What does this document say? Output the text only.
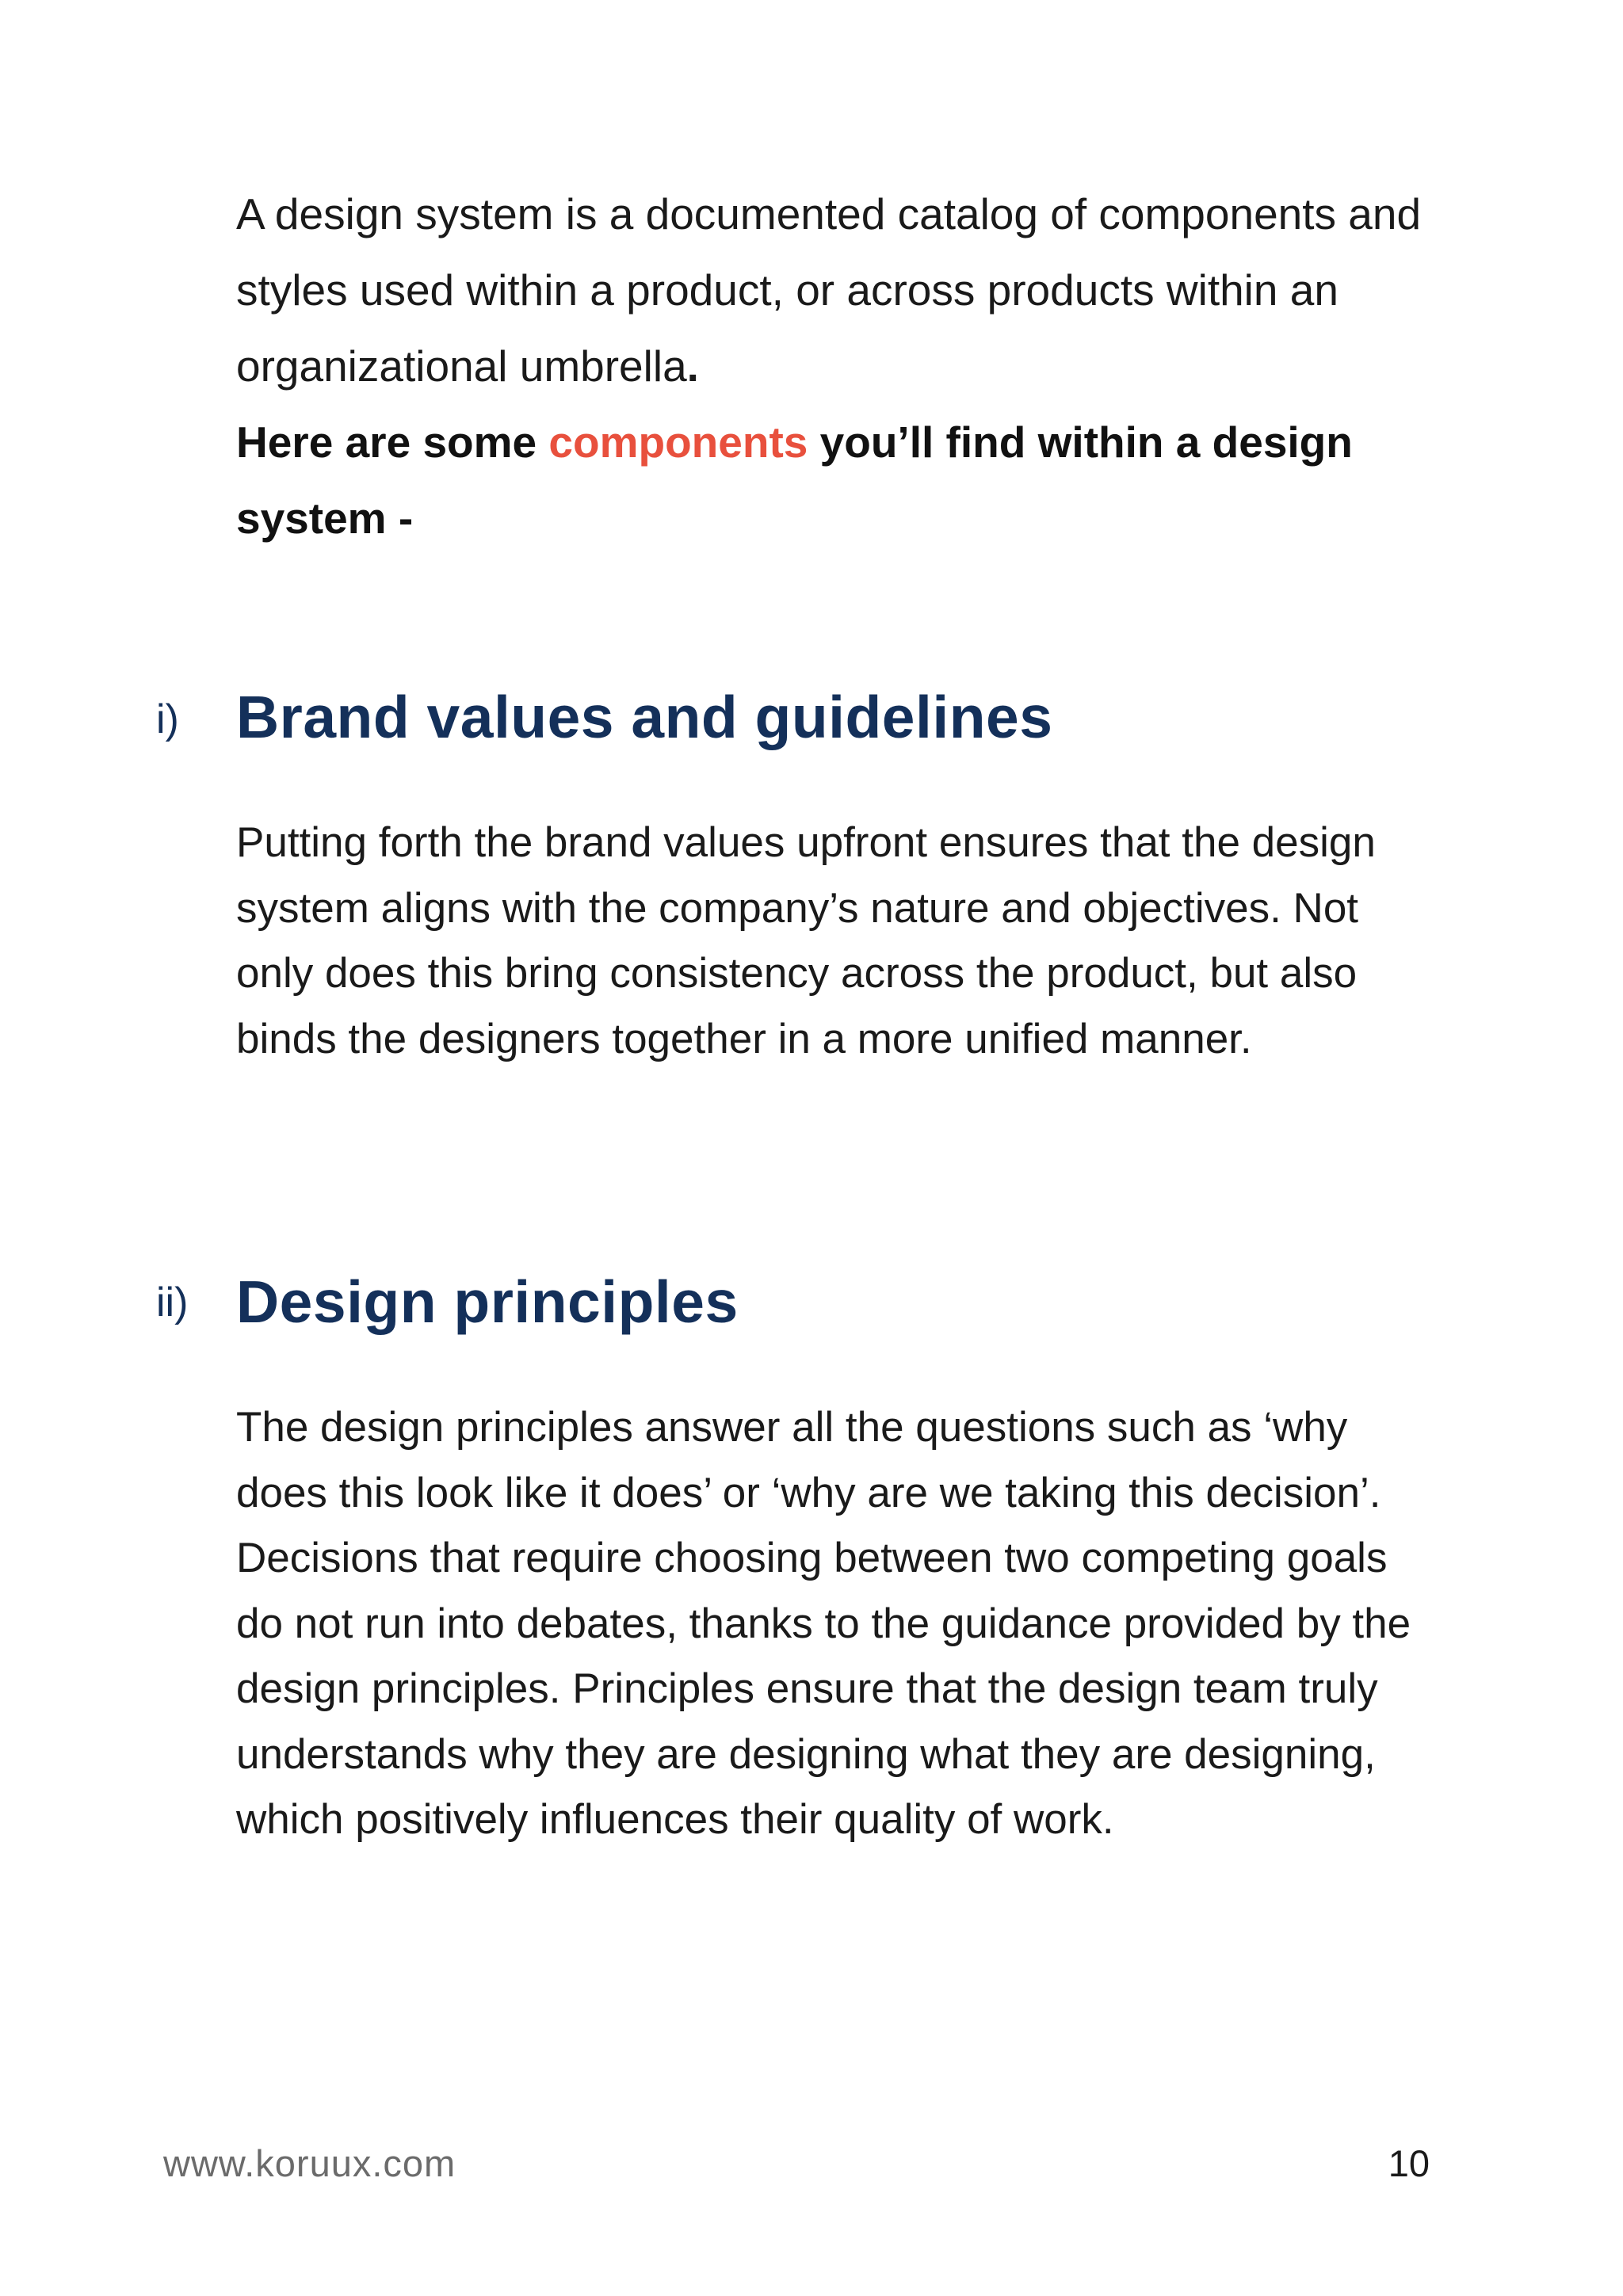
A design system is a documented catalog of components and styles used within a product, or across products within an organizational umbrella.
Here are some components you’ll find within a design system -
i) Brand values and guidelines

Putting forth the brand values upfront ensures that the design system aligns with the company’s nature and objectives. Not only does this bring consistency across the product, but also binds the designers together in a more unified manner.

ii) Design principles

The design principles answer all the questions such as ‘why does this look like it does’ or ‘why are we taking this decision’. Decisions that require choosing between two competing goals do not run into debates, thanks to the guidance provided by the design principles. Principles ensure that the design team truly understands why they are designing what they are designing, which positively influences their quality of work.

www.koruux.com	10
